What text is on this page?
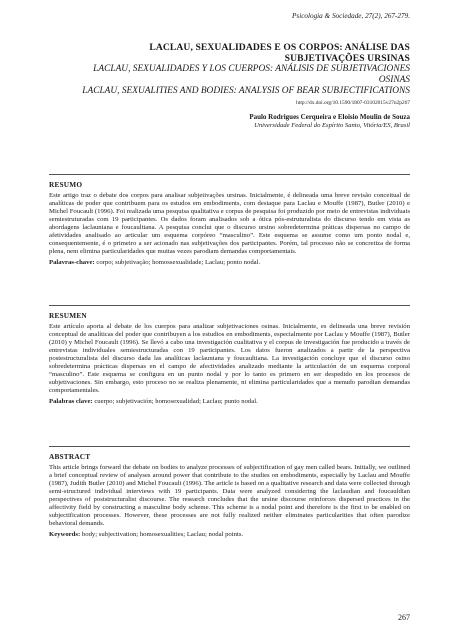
Psicologia & Sociedade, 27(2), 267-279.
LACLAU, SEXUALIDADES E OS CORPOS: ANÁLISE DAS SUBJETIVAÇÕES URSINAS
LACLAU, SEXUALIDADES Y LOS CUERPOS: ANÁLISIS DE SUBJETIVACIONES OSINAS
LACLAU, SEXUALITIES AND BODIES: ANALYSIS OF BEAR SUBJECTIFICATIONS
http://dx.doi.org/10.1590/1807-03102015v27n2p267
Paulo Rodrigues Cerqueira e Eloisio Moulin de Souza
Universidade Federal do Espírito Santo, Vitória/ES, Brasil
RESUMO

Este artigo traz o debate dos corpos para analisar subjetivações ursinas. Inicialmente, é delineada uma breve revisão conceitual de analíticas de poder que contribuem para os estudos em embodiments, com destaque para Laclau e Mouffe (1987), Butler (2010) e Michel Foucault (1996). Foi realizada uma pesquisa qualitativa e corpus de pesquisa foi produzido por meio de entrevistas individuais semiestruturadas com 19 participantes. Os dados foram analisados sob a ótica pós-estruturalista do discurso tendo em vista as abordagens laclauniana e foucaultiana. A pesquisa conclui que o discurso ursino sobredetermina práticas dispersas no campo de afetividades analisado ao articular um esquema corpóreo “masculino”. Este esquema se assume como um ponto nodal e, consequentemente, é o primeiro a ser acionado nas subjetivações dos participantes. Porém, tal processo não se concretiza de forma plena, nem elimina particularidades que muitas vezes parodiam demandas comportamentais.

Palavras-chave: corpo; subjetivação; homossexualidade; Laclau; ponto nodal.
RESUMEN

Este artículo aporta al debate de los cuerpos para analizar subjetivaciones osinas. Inicialmente, es delineada una breve revisión conceptual de analíticas del poder que contribuyen a los estudios en embodiments, especialmente por Laclau y Mouffe (1987), Butler (2010) y Michel Foucault (1996). Se llevó a cabo una investigación cualitativa y el corpus de investigación fue producido a través de entrevistas individuales semiestructuradas con 19 participantes. Los datos fueron analizados a partir de la perspectiva postestructuralista del discurso dada las analíticas laclauniana y foucaultiana. La investigación concluye que el discurso osino sobredetermina prácticas dispersas en el campo de afectividades analizado mediante la articulación de un esquema corporal “masculino”. Este esquema se configura en un punto nodal y por lo tanto es primero en ser despedido en los procesos de subjetivaciones. Sin embargo, esto proceso no se realiza plenamente, ni elimina particularidades que a menudo parodian demandas comportamentales.

Palabras clave: cuerpo; subjetivación; homosexualidad; Laclau; punto nodal.
ABSTRACT

This article brings forward the debate on bodies to analyze processes of subjectification of gay men called bears. Initially, we outlined a brief conceptual review of analyses around power that contribute to the studies on embodiments, especially by Laclau and Mouffe (1987), Judith Butler (2010) and Michel Foucault (1996). The article is based on a qualitative research and data were collected through semi-structured individual interviews with 19 participants. Data were analyzed considering the laclaudian and foucauldian perspectives of poststructuralist discourse. The research concludes that the ursine discourse reinforces dispersed practices in the affectivity field by constructing a masculine body scheme. This scheme is a nodal point and therefore is the first to be enabled on subjectification processes. However, these processes are not fully realized neither eliminates particularities that often parodize behavioral demands.

Keywords: body; subjectivation; homosexualities; Laclau; nodal points.
267
